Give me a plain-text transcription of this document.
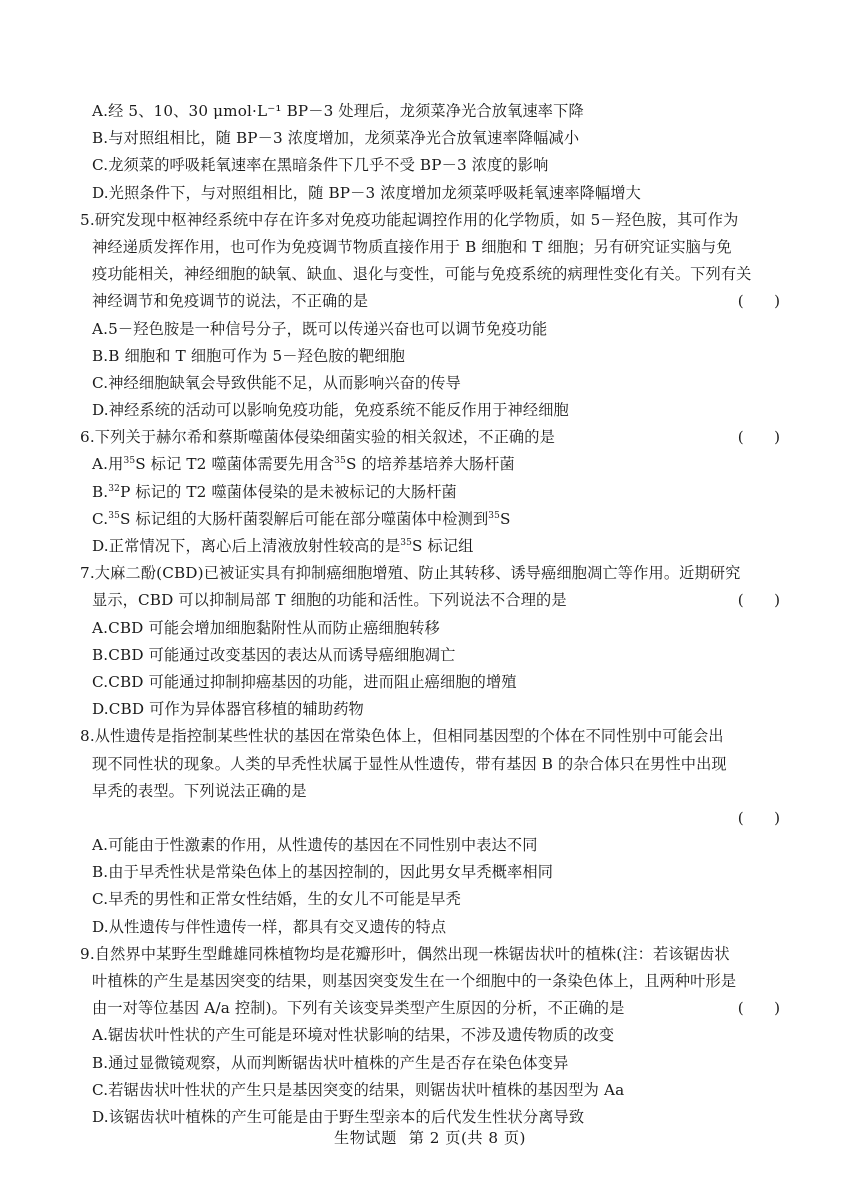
A.经 5、10、30 μmol·L⁻¹ BP－3 处理后，龙须菜净光合放氧速率下降
B.与对照组相比，随 BP－3 浓度增加，龙须菜净光合放氧速率降幅减小
C.龙须菜的呼吸耗氧速率在黑暗条件下几乎不受 BP－3 浓度的影响
D.光照条件下，与对照组相比，随 BP－3 浓度增加龙须菜呼吸耗氧速率降幅增大
5.研究发现中枢神经系统中存在许多对免疫功能起调控作用的化学物质，如 5－羟色胺，其可作为
神经递质发挥作用，也可作为免疫调节物质直接作用于 B 细胞和 T 细胞；另有研究证实脑与免
疫功能相关，神经细胞的缺氧、缺血、退化与变性，可能与免疫系统的病理性变化有关。下列有关
神经调节和免疫调节的说法，不正确的是	(　　)
A.5－羟色胺是一种信号分子，既可以传递兴奋也可以调节免疫功能
B.B 细胞和 T 细胞可作为 5－羟色胺的靶细胞
C.神经细胞缺氧会导致供能不足，从而影响兴奋的传导
D.神经系统的活动可以影响免疫功能，免疫系统不能反作用于神经细胞
6.下列关于赫尔希和蔡斯噬菌体侵染细菌实验的相关叙述，不正确的是	(　　)
A.用$^{35}$S 标记 T2 噬菌体需要先用含$^{35}$S 的培养基培养大肠杆菌
B.$^{32}$P 标记的 T2 噬菌体侵染的是未被标记的大肠杆菌
C.$^{35}$S 标记组的大肠杆菌裂解后可能在部分噬菌体中检测到$^{35}$S
D.正常情况下，离心后上清液放射性较高的是$^{35}$S 标记组
7.大麻二酚(CBD)已被证实具有抑制癌细胞增殖、防止其转移、诱导癌细胞凋亡等作用。近期研究
显示，CBD 可以抑制局部 T 细胞的功能和活性。下列说法不合理的是	(　　)
A.CBD 可能会增加细胞黏附性从而防止癌细胞转移
B.CBD 可能通过改变基因的表达从而诱导癌细胞凋亡
C.CBD 可能通过抑制抑癌基因的功能，进而阻止癌细胞的增殖
D.CBD 可作为异体器官移植的辅助药物
8.从性遗传是指控制某些性状的基因在常染色体上，但相同基因型的个体在不同性别中可能会出
现不同性状的现象。人类的早秃性状属于显性从性遗传，带有基因 B 的杂合体只在男性中出现
早秃的表型。下列说法正确的是
(　　)
A.可能由于性激素的作用，从性遗传的基因在不同性别中表达不同
B.由于早秃性状是常染色体上的基因控制的，因此男女早秃概率相同
C.早秃的男性和正常女性结婚，生的女儿不可能是早秃
D.从性遗传与伴性遗传一样，都具有交叉遗传的特点
9.自然界中某野生型雌雄同株植物均是花瓣形叶，偶然出现一株锯齿状叶的植株(注：若该锯齿状
叶植株的产生是基因突变的结果，则基因突变发生在一个细胞中的一条染色体上，且两种叶形是
由一对等位基因 A/a 控制)。下列有关该变异类型产生原因的分析，不正确的是	(　　)
A.锯齿状叶性状的产生可能是环境对性状影响的结果，不涉及遗传物质的改变
B.通过显微镜观察，从而判断锯齿状叶植株的产生是否存在染色体变异
C.若锯齿状叶性状的产生只是基因突变的结果，则锯齿状叶植株的基因型为 Aa
D.该锯齿状叶植株的产生可能是由于野生型亲本的后代发生性状分离导致
生物试题 第 2 页(共 8 页)
